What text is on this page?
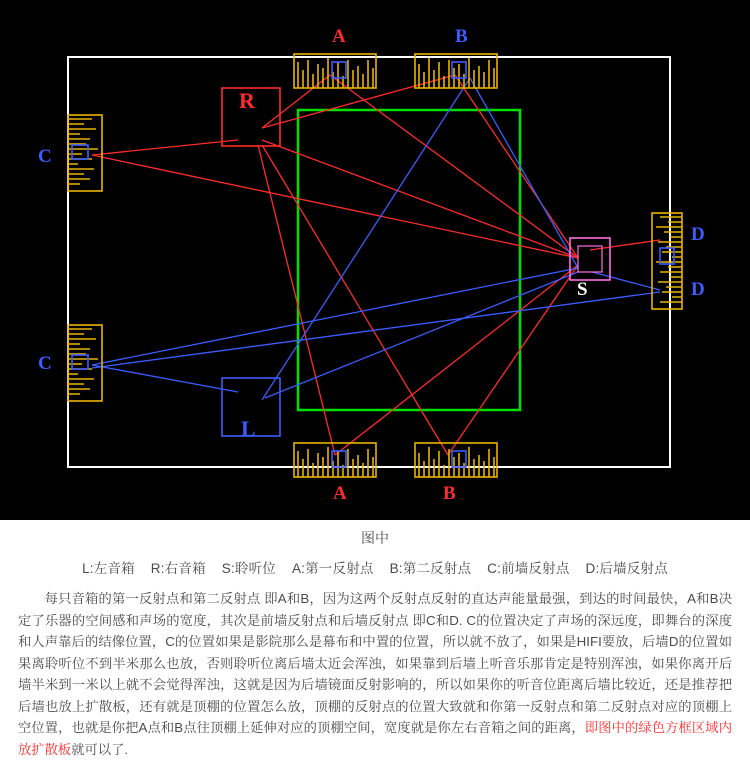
A	B
C
C
D
D
R
L
S
A	B
图中
L:左音箱 R:右音箱 S:聆听位 A:第一反射点 B:第二反射点 C:前墙反射点 D:后墙反射点

每只音箱的第一反射点和第二反射点 即A和B，因为这两个反射点反射的直达声能量最强，到达的时间最快，A和B决定了乐器的空间感和声场的宽度，其次是前墙反射点和后墙反射点 即C和D. C的位置决定了声场的深远度，即舞台的深度和人声靠后的结像位置，C的位置如果是影院那么是幕布和中置的位置，所以就不放了，如果是HIFI要放，后墙D的位置如果离聆听位不到半米那么也放，否则聆听位离后墙太近会浑浊，如果靠到后墙上听音乐那肯定是特别浑浊，如果你离开后墙半米到一米以上就不会觉得浑浊，这就是因为后墙镜面反射影响的，所以如果你的听音位距离后墙比较近，还是推荐把后墙也放上扩散板，还有就是顶棚的位置怎么放，顶棚的反射点的位置大致就和你第一反射点和第二反射点对应的顶棚上空位置，也就是你把A点和B点往顶棚上延伸对应的顶棚空间，宽度就是你左右音箱之间的距离，即图中的绿色方框区域内放扩散板就可以了.
